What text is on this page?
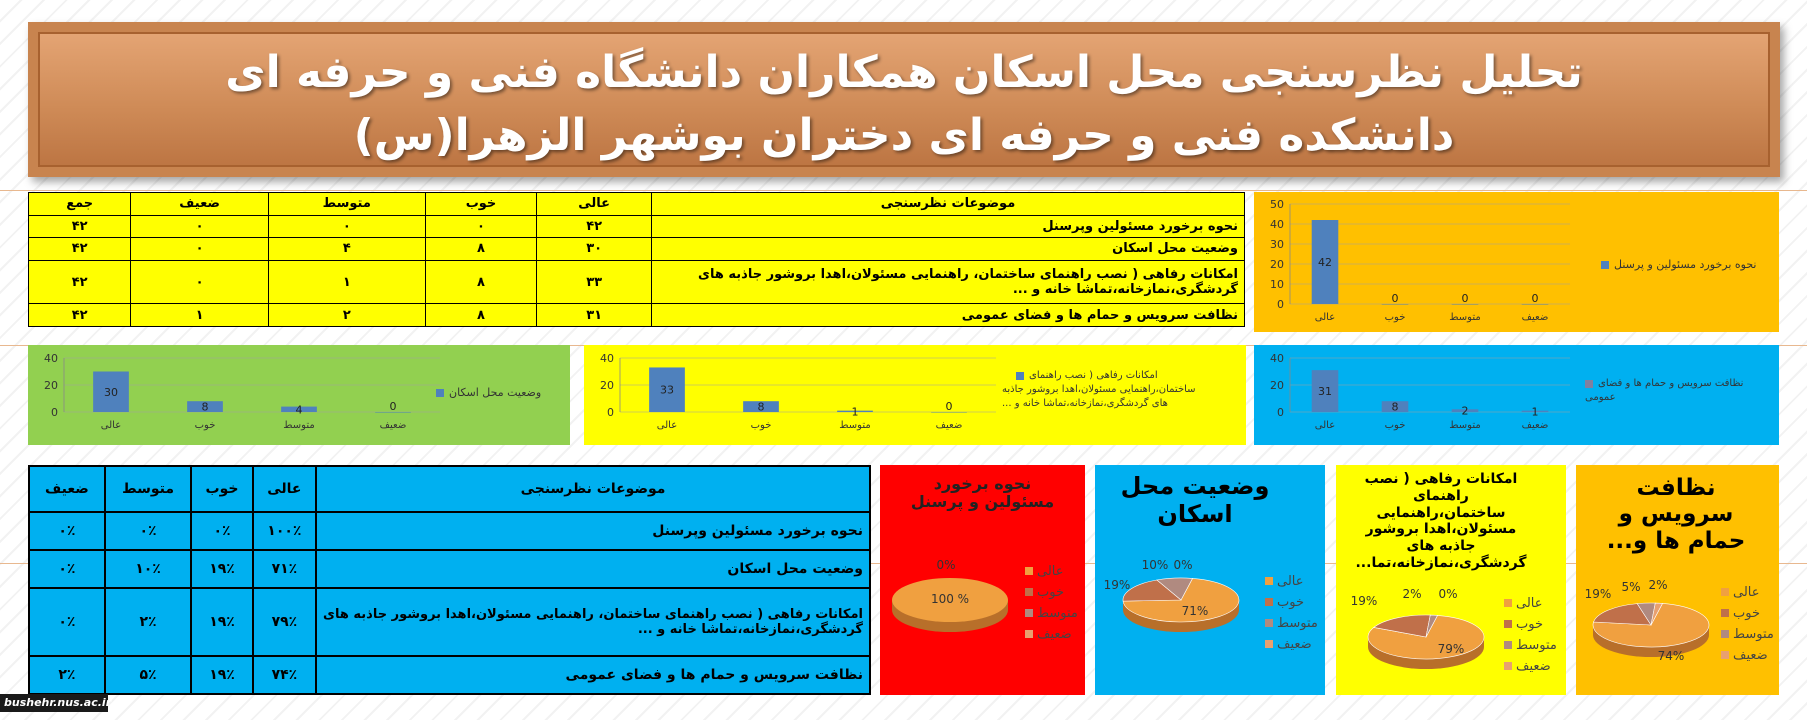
تحلیل نظرسنجی محل اسکان همکاران دانشگاه فنی و حرفه ای
دانشکده فنی و حرفه ای دختران بوشهر الزهرا(س)
موضوعات نظرسنجی	عالی	خوب	متوسط	ضعیف	جمع
نحوه برخورد مسئولین وپرسنل	۴۲	۰	۰	۰	۴۲
وضعیت محل اسکان	۳۰	۸	۴	۰	۴۲
امکانات رفاهی ( نصب راهنمای ساختمان، راهنمایی مسئولان،اهدا بروشور جاذبه های گردشگری،نمازخانه،تماشا خانه و ...	۳۳	۸	۱	۰	۴۲
نظافت سرویس و حمام ها و فضای عمومی	۳۱	۸	۲	۱	۴۲
0
10
20
30
40
50
42
عالی
0
خوب
0
متوسط
0
ضعیف
نحوه برخورد مسئولین و پرسنل
0
20
40
30
عالی
8
خوب
4
متوسط
0
ضعیف
وضعیت محل اسکان
0
20
40
33
عالی
8
خوب
1
متوسط
0
ضعیف
امکانات رفاهی ( نصب راهنمای
ساختمان،راهنمایی مسئولان،اهدا بروشور جاذبه
های گردشگری،نمازخانه،تماشا خانه و ...
0
20
40
31
عالی
8
خوب
2
متوسط
1
ضعیف
نظافت سرویس و حمام ها و فضای
عمومی
موضوعات نظرسنجی	عالی	خوب	متوسط	ضعیف
نحوه برخورد مسئولین وپرسنل	۱۰۰٪	۰٪	۰٪	۰٪
وضعیت محل اسکان	۷۱٪	۱۹٪	۱۰٪	۰٪
امکانات رفاهی ( نصب راهنمای ساختمان، راهنمایی مسئولان،اهدا بروشور جاذبه های گردشگری،نمازخانه،تماشا خانه و ...	۷۹٪	۱۹٪	۲٪	۰٪
نظافت سرویس و حمام ها و فضای عمومی	۷۴٪	۱۹٪	۵٪	۲٪
نحوه برخورد
مسئولین و پرسنل
100 %
0%	عالی
خوب
متوسط
ضعیف
وضعیت محل
اسکان
71%
19%
10% 0%
عالی
خوب
متوسط
ضعیف
امکانات رفاهی ( نصب
راهنمای
ساختمان،راهنمایی
مسئولان،اهدا بروشور
جاذبه های
گردشگری،نمازخانه،تما...
79%
19% 2% 0%
عالی
خوب
متوسط
ضعیف
نظافت
سرویس و
حمام ها و...
74%
19% 5% 2%	عالی
خوب
متوسط
ضعیف
bushehr.nus.ac.ir
